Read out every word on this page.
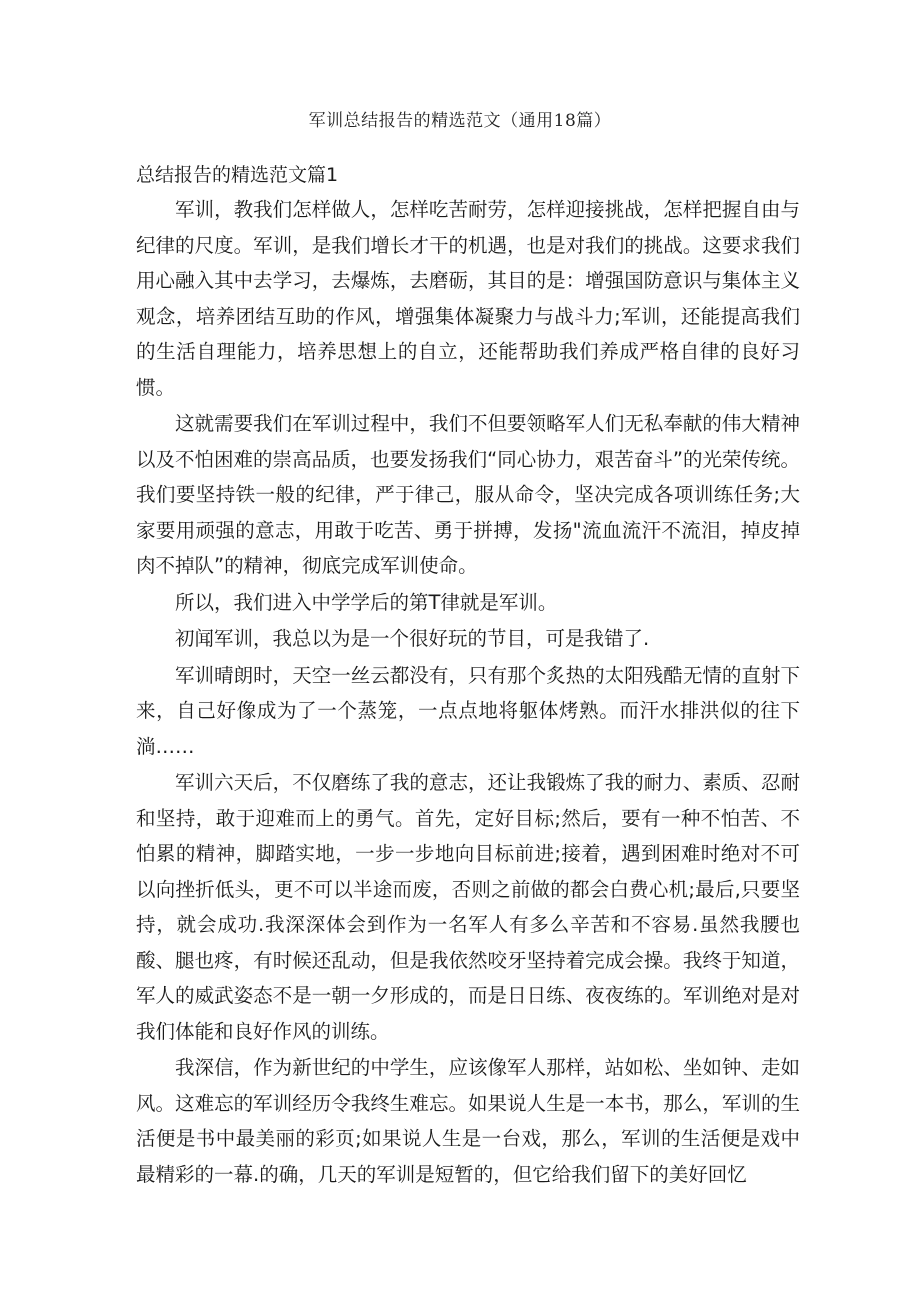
军训总结报告的精选范文（通用18篇）
总结报告的精选范文篇1

军训，教我们怎样做人，怎样吃苦耐劳，怎样迎接挑战，怎样把握自由与纪律的尺度。军训，是我们增长才干的机遇，也是对我们的挑战。这要求我们用心融入其中去学习，去爆炼，去磨砺，其目的是：增强国防意识与集体主义观念，培养团结互助的作风，增强集体凝聚力与战斗力;军训，还能提高我们的生活自理能力，培养思想上的自立，还能帮助我们养成严格自律的良好习惯。

这就需要我们在军训过程中，我们不但要领略军人们无私奉献的伟大精神以及不怕困难的崇高品质，也要发扬我们“同心协力，艰苦奋斗”的光荣传统。我们要坚持铁一般的纪律，严于律己，服从命令，坚决完成各项训练任务;大家要用顽强的意志，用敢于吃苦、勇于拼搏，发扬"流血流汗不流泪，掉皮掉肉不掉队”的精神，彻底完成军训使命。

所以，我们进入中学学后的第T律就是军训。

初闻军训，我总以为是一个很好玩的节目，可是我错了.

军训晴朗时，天空一丝云都没有，只有那个炙热的太阳残酷无情的直射下来，自己好像成为了一个蒸笼，一点点地将躯体烤熟。而汗水排洪似的往下淌……

军训六天后，不仅磨练了我的意志，还让我锻炼了我的耐力、素质、忍耐和坚持，敢于迎难而上的勇气。首先，定好目标;然后，要有一种不怕苦、不怕累的精神，脚踏实地，一步一步地向目标前进;接着，遇到困难时绝对不可以向挫折低头，更不可以半途而废，否则之前做的都会白费心机;最后,只要坚持，就会成功.我深深体会到作为一名军人有多么辛苦和不容易.虽然我腰也酸、腿也疼，有时候还乱动，但是我依然咬牙坚持着完成会操。我终于知道，军人的威武姿态不是一朝一夕形成的，而是日日练、夜夜练的。军训绝对是对我们体能和良好作风的训练。

我深信，作为新世纪的中学生，应该像军人那样，站如松、坐如钟、走如风。这难忘的军训经历令我终生难忘。如果说人生是一本书，那么，军训的生活便是书中最美丽的彩页;如果说人生是一台戏，那么，军训的生活便是戏中最精彩的一幕.的确，几天的军训是短暂的，但它给我们留下的美好回忆
